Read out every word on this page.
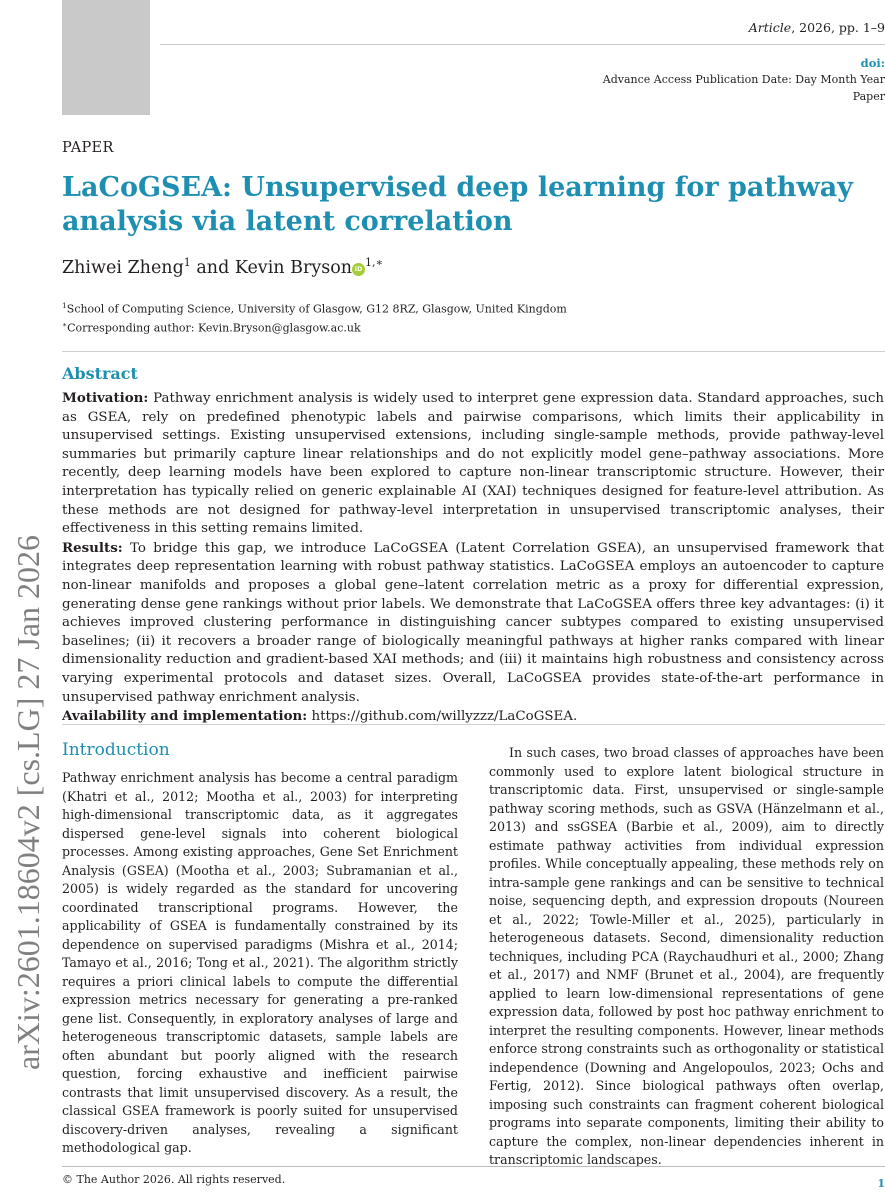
Article, 2026, pp. 1–9
doi:
Advance Access Publication Date: Day Month Year
Paper
PAPER
LaCoGSEA: Unsupervised deep learning for pathway analysis via latent correlation
Zhiwei Zheng$^1$ and Kevin Bryson iD $^{1,∗}$
$^1$School of Computing Science, University of Glasgow, G12 8RZ, Glasgow, United Kingdom
∗Corresponding author: Kevin.Bryson@glasgow.ac.uk
Abstract

Motivation: Pathway enrichment analysis is widely used to interpret gene expression data. Standard approaches, such as GSEA, rely on predefined phenotypic labels and pairwise comparisons, which limits their applicability in unsupervised settings. Existing unsupervised extensions, including single-sample methods, provide pathway-level summaries but primarily capture linear relationships and do not explicitly model gene–pathway associations. More recently, deep learning models have been explored to capture non-linear transcriptomic structure. However, their interpretation has typically relied on generic explainable AI (XAI) techniques designed for feature-level attribution. As these methods are not designed for pathway-level interpretation in unsupervised transcriptomic analyses, their effectiveness in this setting remains limited.

Results: To bridge this gap, we introduce LaCoGSEA (Latent Correlation GSEA), an unsupervised framework that integrates deep representation learning with robust pathway statistics. LaCoGSEA employs an autoencoder to capture non-linear manifolds and proposes a global gene–latent correlation metric as a proxy for differential expression, generating dense gene rankings without prior labels. We demonstrate that LaCoGSEA offers three key advantages: (i) it achieves improved clustering performance in distinguishing cancer subtypes compared to existing unsupervised baselines; (ii) it recovers a broader range of biologically meaningful pathways at higher ranks compared with linear dimensionality reduction and gradient-based XAI methods; and (iii) it maintains high robustness and consistency across varying experimental protocols and dataset sizes. Overall, LaCoGSEA provides state-of-the-art performance in unsupervised pathway enrichment analysis.

Availability and implementation: https://github.com/willyzzz/LaCoGSEA.

Introduction

Pathway enrichment analysis has become a central paradigm (Khatri et al., 2012; Mootha et al., 2003) for interpreting high-dimensional transcriptomic data, as it aggregates dispersed gene-level signals into coherent biological processes. Among existing approaches, Gene Set Enrichment Analysis (GSEA) (Mootha et al., 2003; Subramanian et al., 2005) is widely regarded as the standard for uncovering coordinated transcriptional programs. However, the applicability of GSEA is fundamentally constrained by its dependence on supervised paradigms (Mishra et al., 2014; Tamayo et al., 2016; Tong et al., 2021). The algorithm strictly requires a priori clinical labels to compute the differential expression metrics necessary for generating a pre-ranked gene list. Consequently, in exploratory analyses of large and heterogeneous transcriptomic datasets, sample labels are often abundant but poorly aligned with the research question, forcing exhaustive and inefficient pairwise contrasts that limit unsupervised discovery. As a result, the classical GSEA framework is poorly suited for unsupervised discovery-driven analyses, revealing a significant methodological gap.

In such cases, two broad classes of approaches have been commonly used to explore latent biological structure in transcriptomic data. First, unsupervised or single-sample pathway scoring methods, such as GSVA (Hänzelmann et al., 2013) and ssGSEA (Barbie et al., 2009), aim to directly estimate pathway activities from individual expression profiles. While conceptually appealing, these methods rely on intra-sample gene rankings and can be sensitive to technical noise, sequencing depth, and expression dropouts (Noureen et al., 2022; Towle-Miller et al., 2025), particularly in heterogeneous datasets. Second, dimensionality reduction techniques, including PCA (Raychaudhuri et al., 2000; Zhang et al., 2017) and NMF (Brunet et al., 2004), are frequently applied to learn low-dimensional representations of gene expression data, followed by post hoc pathway enrichment to interpret the resulting components. However, linear methods enforce strong constraints such as orthogonality or statistical independence (Downing and Angelopoulos, 2023; Ochs and Fertig, 2012). Since biological pathways often overlap, imposing such constraints can fragment coherent biological programs into separate components, limiting their ability to capture the complex, non-linear dependencies inherent in transcriptomic landscapes.

© The Author 2026. All rights reserved.	1
arXiv:2601.18604v2 [cs.LG] 27 Jan 2026
